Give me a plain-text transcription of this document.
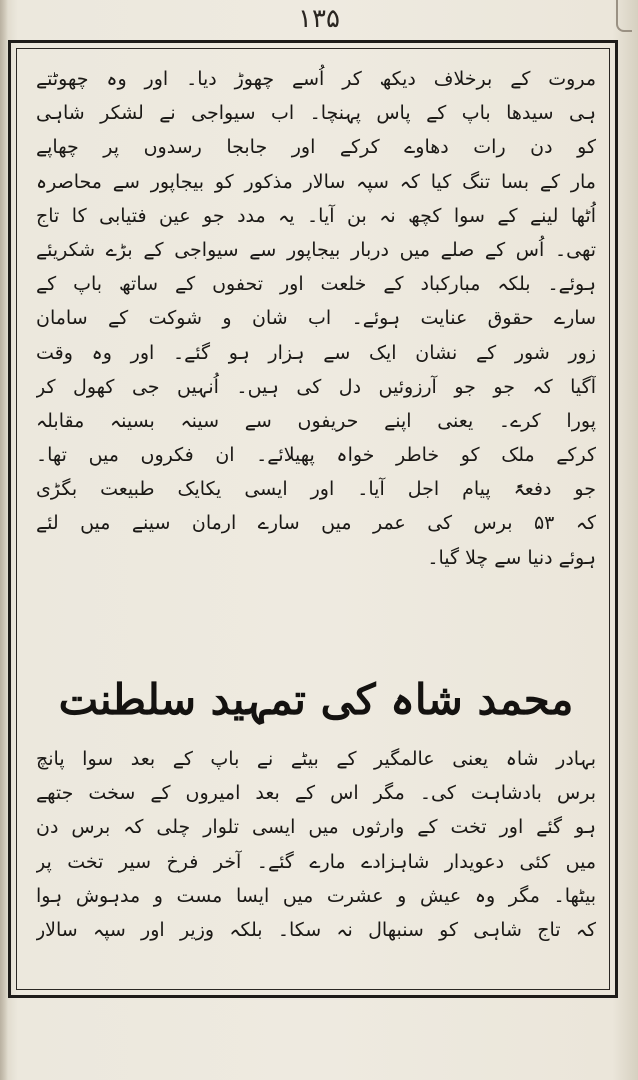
۱۳۵
مروت کے برخلاف دیکھ کر اُسے چھوڑ دیا۔ اور وہ چھوٹتے
ہی سیدھا باپ کے پاس پہنچا۔ اب سیواجی نے لشکر شاہی
کو دن رات دھاوے کرکے اور جابجا رسدوں پر چھاپے
مار کے بسا تنگ کیا کہ سپہ سالار مذکور کو بیجاپور سے محاصرہ
اُٹھا لینے کے سوا کچھ نہ بن آیا۔ یہ مدد جو عین فتیابی کا تاج
تھی۔ اُس کے صلے میں دربار بیجاپور سے سیواجی کے بڑے شکریئے
ہوئے۔ بلکہ مبارکباد کے خلعت اور تحفوں کے ساتھ باپ کے
سارے حقوق عنایت ہوئے۔ اب شان و شوکت کے سامان
زور شور کے نشان ایک سے ہزار ہو گئے۔ اور وہ وقت
آگیا کہ جو جو آرزوئیں دل کی ہیں۔ اُنہیں جی کھول کر
پورا کرے۔ یعنی اپنے حریفوں سے سینہ بسینہ مقابلہ
کرکے ملک کو خاطر خواہ پھیلائے۔ ان فکروں میں تھا۔
جو دفعۃً پیام اجل آیا۔ اور ایسی یکایک طبیعت بگڑی
کہ ۵۳ برس کی عمر میں سارے ارمان سینے میں لئے
ہوئے دنیا سے چلا گیا۔
محمد شاہ کی تمہید سلطنت
بہادر شاہ یعنی عالمگیر کے بیٹے نے باپ کے بعد سوا پانچ
برس بادشاہت کی۔ مگر اس کے بعد امیروں کے سخت جتھے
ہو گئے اور تخت کے وارثوں میں ایسی تلوار چلی کہ برس دن
میں کئی دعویدار شاہزادے مارے گئے۔ آخر فرخ سیر تخت پر
بیٹھا۔ مگر وہ عیش و عشرت میں ایسا مست و مدہوش ہوا
کہ تاج شاہی کو سنبھال نہ سکا۔ بلکہ وزیر اور سپہ سالار
